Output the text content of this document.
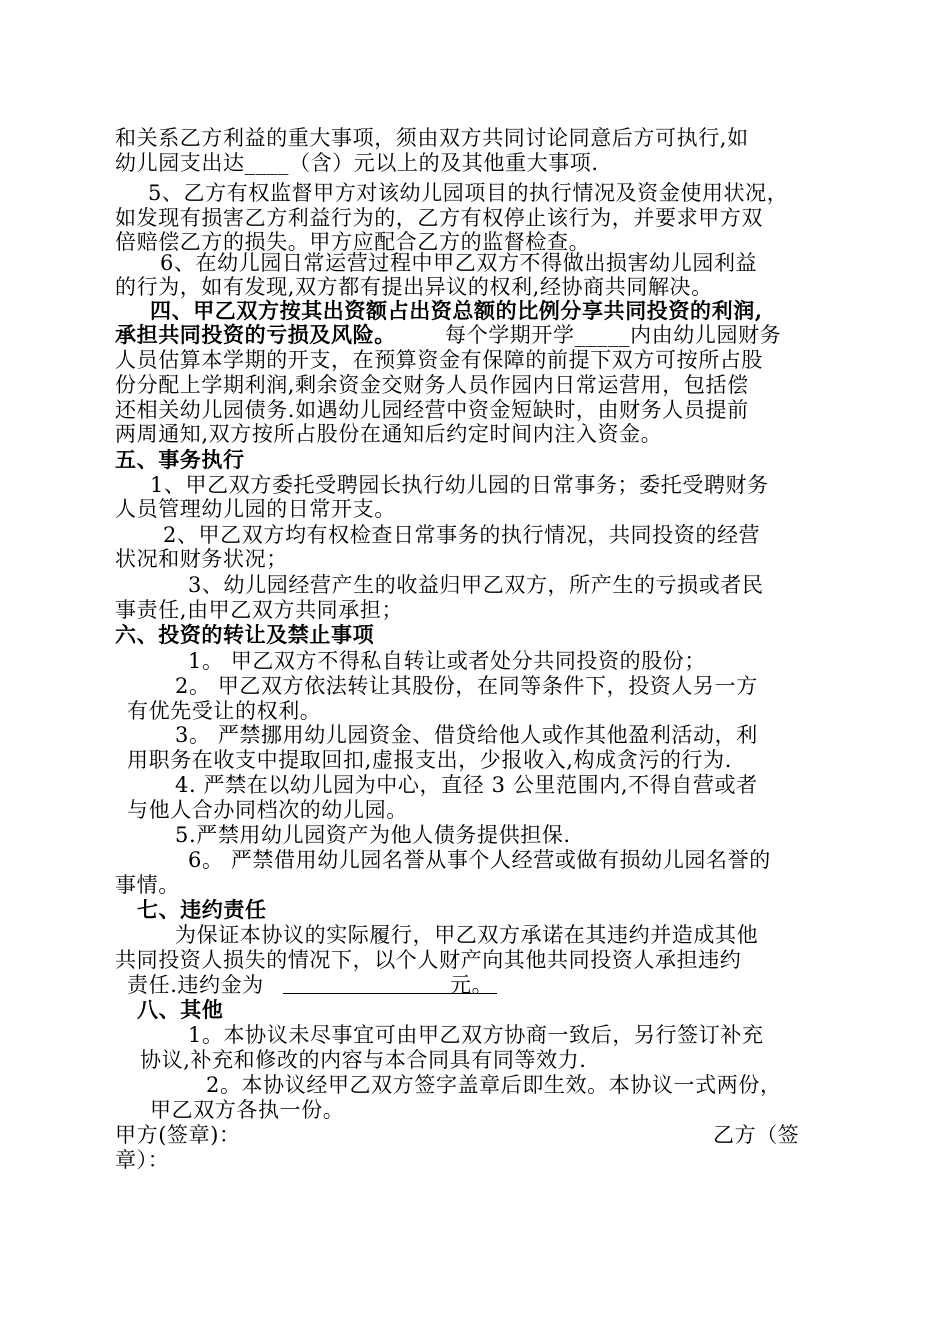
和关系乙方利益的重大事项，须由双方共同讨论同意后方可执行,如
幼儿园支出达____（含）元以上的及其他重大事项.
5、乙方有权监督甲方对该幼儿园项目的执行情况及资金使用状况，
如发现有损害乙方利益行为的，乙方有权停止该行为，并要求甲方双
倍赔偿乙方的损失。甲方应配合乙方的监督检查。
6、在幼儿园日常运营过程中甲乙双方不得做出损害幼儿园利益
的行为，如有发现,双方都有提出异议的权利,经协商共同解决。
四、甲乙双方按其出资额占出资总额的比例分享共同投资的利润,
承担共同投资的亏损及风险。 每个学期开学_____内由幼儿园财务
人员估算本学期的开支，在预算资金有保障的前提下双方可按所占股
份分配上学期利润,剩余资金交财务人员作园内日常运营用，包括偿
还相关幼儿园债务.如遇幼儿园经营中资金短缺时，由财务人员提前
两周通知,双方按所占股份在通知后约定时间内注入资金。
五、事务执行
1、甲乙双方委托受聘园长执行幼儿园的日常事务；委托受聘财务
人员管理幼儿园的日常开支。
2、甲乙双方均有权检查日常事务的执行情况，共同投资的经营
状况和财务状况；
3、幼儿园经营产生的收益归甲乙双方，所产生的亏损或者民
事责任,由甲乙双方共同承担；
六、投资的转让及禁止事项
1。 甲乙双方不得私自转让或者处分共同投资的股份；
2。 甲乙双方依法转让其股份，在同等条件下，投资人另一方
有优先受让的权利。
3。 严禁挪用幼儿园资金、借贷给他人或作其他盈利活动，利
用职务在收支中提取回扣,虚报支出，少报收入,构成贪污的行为.
4. 严禁在以幼儿园为中心，直径 3 公里范围内,不得自营或者
与他人合办同档次的幼儿园。
5.严禁用幼儿园资产为他人债务提供担保.
6。 严禁借用幼儿园名誉从事个人经营或做有损幼儿园名誉的
事情。
七、违约责任
为保证本协议的实际履行，甲乙双方承诺在其违约并造成其他
共同投资人损失的情况下，以个人财产向其他共同投资人承担违约
责任.违约金为	元。
八、其他
1。本协议未尽事宜可由甲乙双方协商一致后，另行签订补充
协议,补充和修改的内容与本合同具有同等效力.
2。本协议经甲乙双方签字盖章后即生效。本协议一式两份，
甲乙双方各执一份。
甲方(签章)：	乙方（签
章）：
